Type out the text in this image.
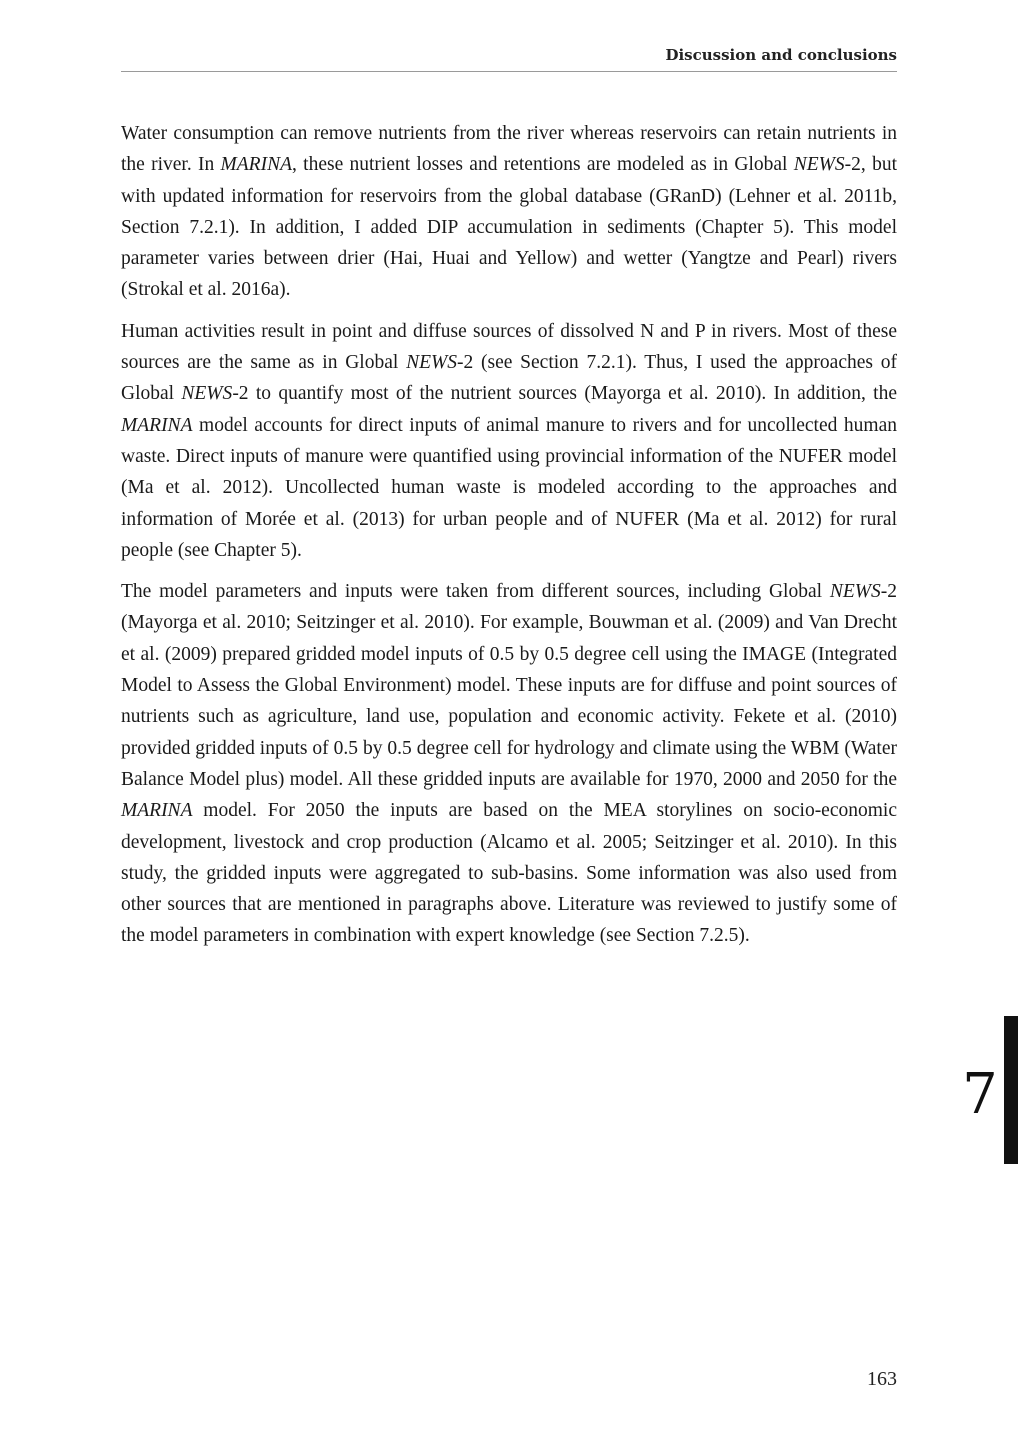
Discussion and conclusions

Water consumption can remove nutrients from the river whereas reservoirs can retain nutrients in the river. In MARINA, these nutrient losses and retentions are modeled as in Global NEWS-2, but with updated information for reservoirs from the global database (GRanD) (Lehner et al. 2011b, Section 7.2.1). In addition, I added DIP accumulation in sediments (Chapter 5). This model parameter varies between drier (Hai, Huai and Yellow) and wetter (Yangtze and Pearl) rivers (Strokal et al. 2016a).

Human activities result in point and diffuse sources of dissolved N and P in rivers. Most of these sources are the same as in Global NEWS-2 (see Section 7.2.1). Thus, I used the approaches of Global NEWS-2 to quantify most of the nutrient sources (Mayorga et al. 2010). In addition, the MARINA model accounts for direct inputs of animal manure to rivers and for uncollected human waste. Direct inputs of manure were quantified using provincial information of the NUFER model (Ma et al. 2012). Uncollected human waste is modeled according to the approaches and information of Morée et al. (2013) for urban people and of NUFER (Ma et al. 2012) for rural people (see Chapter 5).

The model parameters and inputs were taken from different sources, including Global NEWS-2 (Mayorga et al. 2010; Seitzinger et al. 2010). For example, Bouwman et al. (2009) and Van Drecht et al. (2009) prepared gridded model inputs of 0.5 by 0.5 degree cell using the IMAGE (Integrated Model to Assess the Global Environment) model. These inputs are for diffuse and point sources of nutrients such as agriculture, land use, population and economic activity. Fekete et al. (2010) provided gridded inputs of 0.5 by 0.5 degree cell for hydrology and climate using the WBM (Water Balance Model plus) model. All these gridded inputs are available for 1970, 2000 and 2050 for the MARINA model. For 2050 the inputs are based on the MEA storylines on socio-economic development, livestock and crop production (Alcamo et al. 2005; Seitzinger et al. 2010). In this study, the gridded inputs were aggregated to sub-basins. Some information was also used from other sources that are mentioned in paragraphs above. Literature was reviewed to justify some of the model parameters in combination with expert knowledge (see Section 7.2.5).

7
163
